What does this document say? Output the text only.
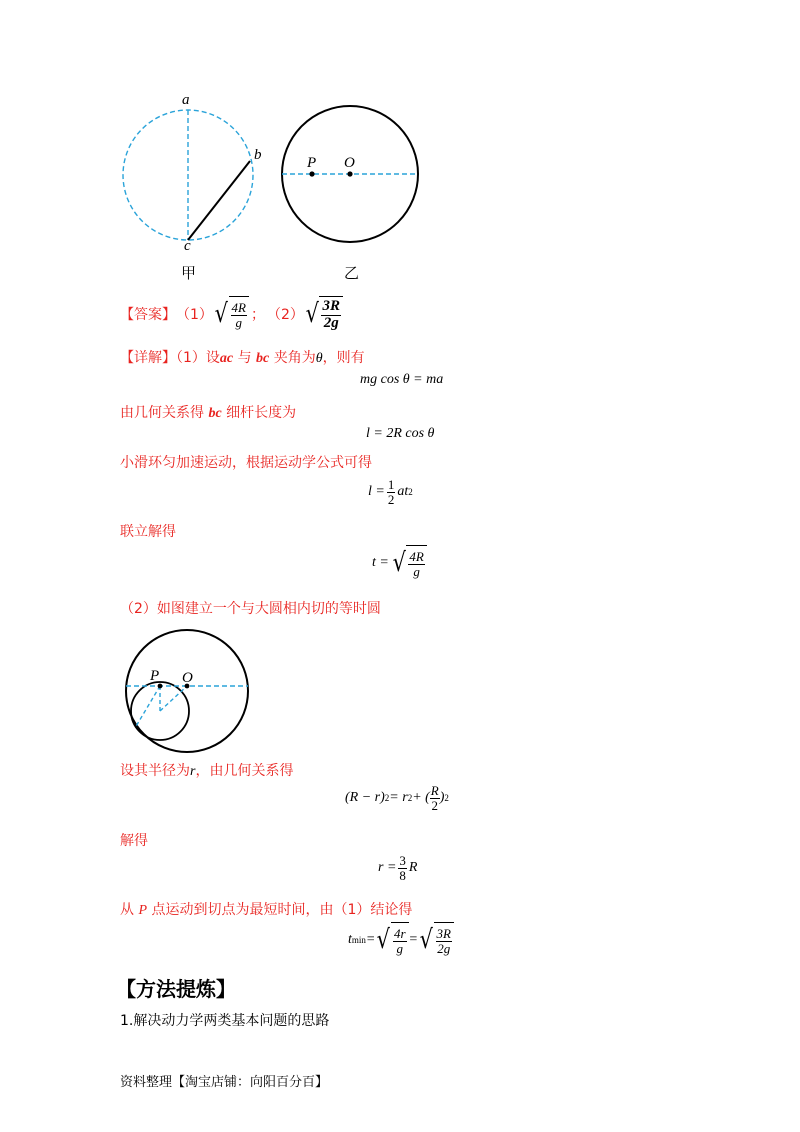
a
b
c
甲
P O
乙
【答案】 （1） √ $\frac{4R}{g}$ ； （2） √ $\frac{3R}{2g}$
【详解】（1）设ac 与 bc 夹角为θ，则有
mg cos θ = ma
由几何关系得 bc 细杆长度为
l = 2R cos θ
小滑环匀加速运动，根据运动学公式可得
$l = \frac{1}{2}$ at 2
联立解得
t = √ $\frac{4R}{g}$
（2）如图建立一个与大圆相内切的等时圆
P O
设其半径为r，由几何关系得
(R − r) 2 = r 2 + ( $\frac{R}{2}$ ) 2
解得
$r = \frac{3}{8}$ R
从 P 点运动到切点为最短时间，由（1）结论得
t min = √ $\frac{4r}{g}$ = √ $\frac{3R}{2g}$
【方法提炼】
1.解决动力学两类基本问题的思路
资料整理【淘宝店铺：向阳百分百】
